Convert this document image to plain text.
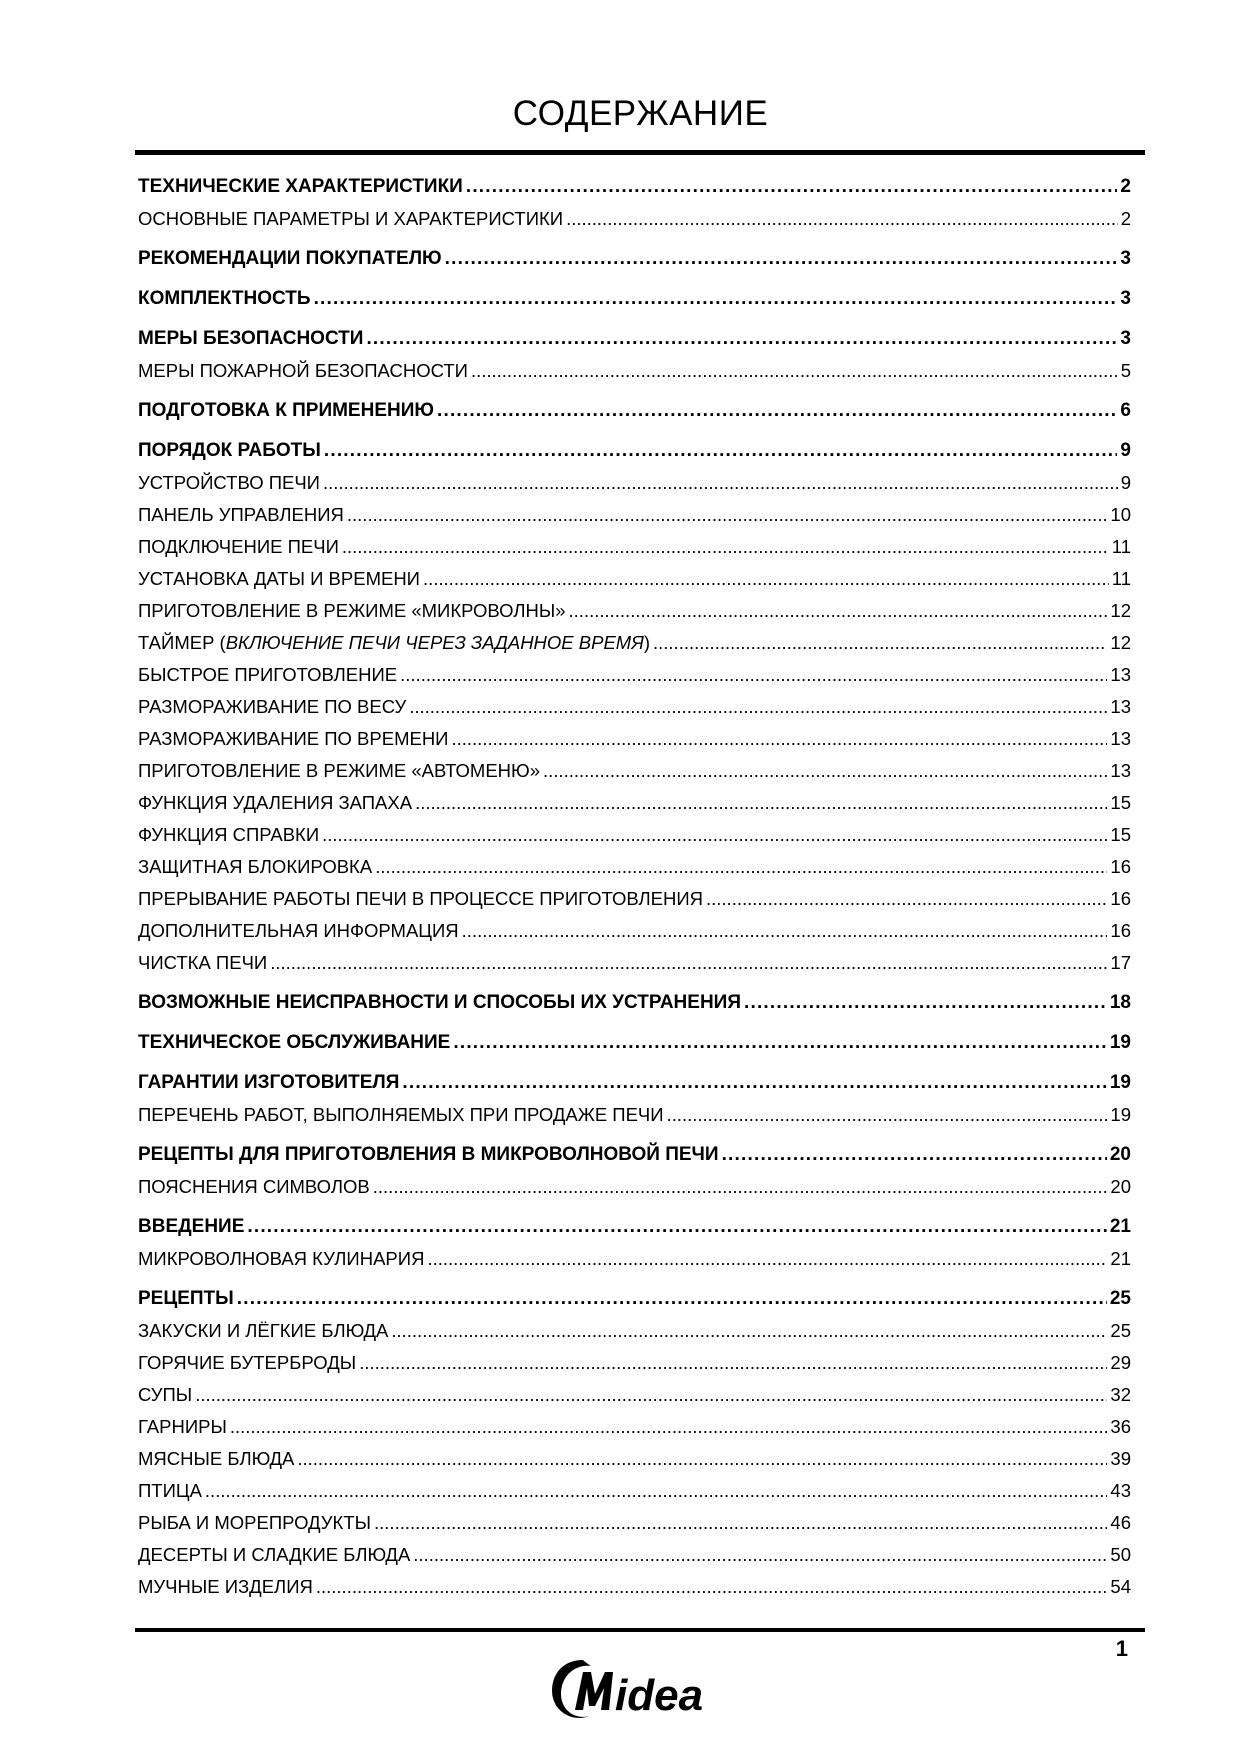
СОДЕРЖАНИЕ
ТЕХНИЧЕСКИЕ ХАРАКТЕРИСТИКИ .....	2
ОСНОВНЫЕ ПАРАМЕТРЫ И ХАРАКТЕРИСТИКИ .....	2
РЕКОМЕНДАЦИИ ПОКУПАТЕЛЮ .....	3
КОМПЛЕКТНОСТЬ .....	3
МЕРЫ БЕЗОПАСНОСТИ .....	3
МЕРЫ ПОЖАРНОЙ БЕЗОПАСНОСТИ .....	5
ПОДГОТОВКА К ПРИМЕНЕНИЮ .....	6
ПОРЯДОК РАБОТЫ .....	9
УСТРОЙСТВО ПЕЧИ .....	9
ПАНЕЛЬ УПРАВЛЕНИЯ .....	10
ПОДКЛЮЧЕНИЕ ПЕЧИ .....	11
УСТАНОВКА ДАТЫ И ВРЕМЕНИ .....	11
ПРИГОТОВЛЕНИЕ В РЕЖИМЕ «МИКРОВОЛНЫ» .....	12
ТАЙМЕР (ВКЛЮЧЕНИЕ ПЕЧИ ЧЕРЕЗ ЗАДАННОЕ ВРЕМЯ) .....	12
БЫСТРОЕ ПРИГОТОВЛЕНИЕ .....	13
РАЗМОРАЖИВАНИЕ ПО ВЕСУ .....	13
РАЗМОРАЖИВАНИЕ ПО ВРЕМЕНИ .....	13
ПРИГОТОВЛЕНИЕ В РЕЖИМЕ «АВТОМЕНЮ» .....	13
ФУНКЦИЯ УДАЛЕНИЯ ЗАПАХА .....	15
ФУНКЦИЯ СПРАВКИ .....	15
ЗАЩИТНАЯ БЛОКИРОВКА .....	16
ПРЕРЫВАНИЕ РАБОТЫ ПЕЧИ В ПРОЦЕССЕ ПРИГОТОВЛЕНИЯ .....	16
ДОПОЛНИТЕЛЬНАЯ ИНФОРМАЦИЯ .....	16
ЧИСТКА ПЕЧИ .....	17
ВОЗМОЖНЫЕ НЕИСПРАВНОСТИ И СПОСОБЫ ИХ УСТРАНЕНИЯ .....	18
ТЕХНИЧЕСКОЕ ОБСЛУЖИВАНИЕ .....	19
ГАРАНТИИ ИЗГОТОВИТЕЛЯ .....	19
ПЕРЕЧЕНЬ РАБОТ, ВЫПОЛНЯЕМЫХ ПРИ ПРОДАЖЕ ПЕЧИ .....	19
РЕЦЕПТЫ ДЛЯ ПРИГОТОВЛЕНИЯ В МИКРОВОЛНОВОЙ ПЕЧИ .....	20
ПОЯСНЕНИЯ СИМВОЛОВ .....	20
ВВЕДЕНИЕ .....	21
МИКРОВОЛНОВАЯ КУЛИНАРИЯ .....	21
РЕЦЕПТЫ .....	25
ЗАКУСКИ И ЛЁГКИЕ БЛЮДА .....	25
ГОРЯЧИЕ БУТЕРБРОДЫ .....	29
СУПЫ .....	32
ГАРНИРЫ .....	36
МЯСНЫЕ БЛЮДА .....	39
ПТИЦА .....	43
РЫБА И МОРЕПРОДУКТЫ .....	46
ДЕСЕРТЫ И СЛАДКИЕ БЛЮДА .....	50
МУЧНЫЕ ИЗДЕЛИЯ .....	54
1
idea
